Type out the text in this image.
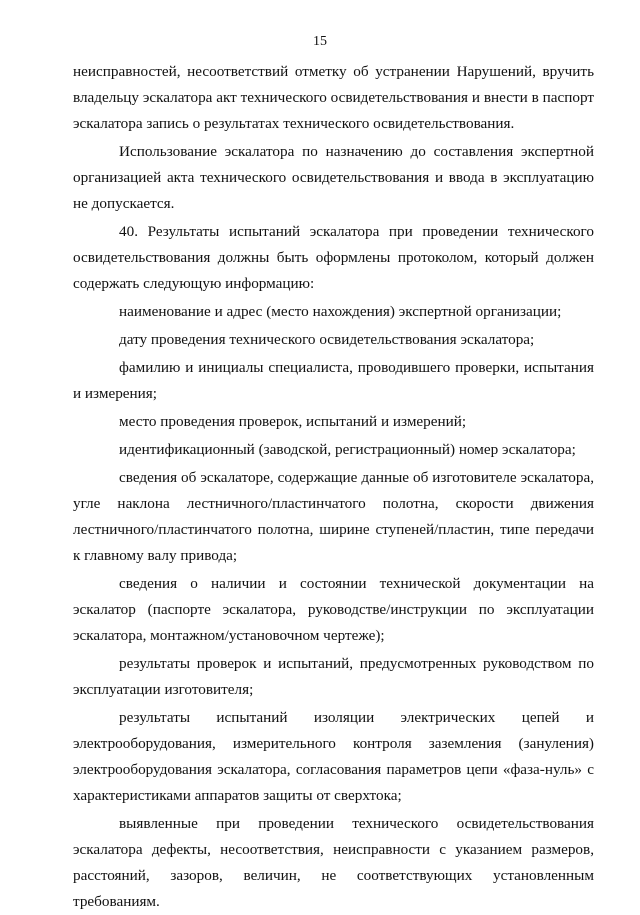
15

неисправностей, несоответствий отметку об устранении Нарушений, вручить владельцу эскалатора акт технического освидетельствования и внести в паспорт эскалатора запись о результатах технического освидетельствования.

Использование эскалатора по назначению до составления экспертной организацией акта технического освидетельствования и ввода в эксплуатацию не допускается.

40. Результаты испытаний эскалатора при проведении технического освидетельствования должны быть оформлены протоколом, который должен содержать следующую информацию:

наименование и адрес (место нахождения) экспертной организации;

дату проведения технического освидетельствования эскалатора;

фамилию и инициалы специалиста, проводившего проверки, испытания и измерения;

место проведения проверок, испытаний и измерений;

идентификационный (заводской, регистрационный) номер эскалатора;

сведения об эскалаторе, содержащие данные об изготовителе эскалатора, угле наклона лестничного/пластинчатого полотна, скорости движения лестничного/пластинчатого полотна, ширине ступеней/пластин, типе передачи к главному валу привода;

сведения о наличии и состоянии технической документации на эскалатор (паспорте эскалатора, руководстве/инструкции по эксплуатации эскалатора, монтажном/установочном чертеже);

результаты проверок и испытаний, предусмотренных руководством по эксплуатации изготовителя;

результаты испытаний изоляции электрических цепей и электрооборудования, измерительного контроля заземления (зануления) электрооборудования эскалатора, согласования параметров цепи «фаза-нуль» с характеристиками аппаратов защиты от сверхтока;

выявленные при проведении технического освидетельствования эскалатора дефекты, несоответствия, неисправности с указанием размеров, расстояний, зазоров, величин, не соответствующих установленным требованиям.
